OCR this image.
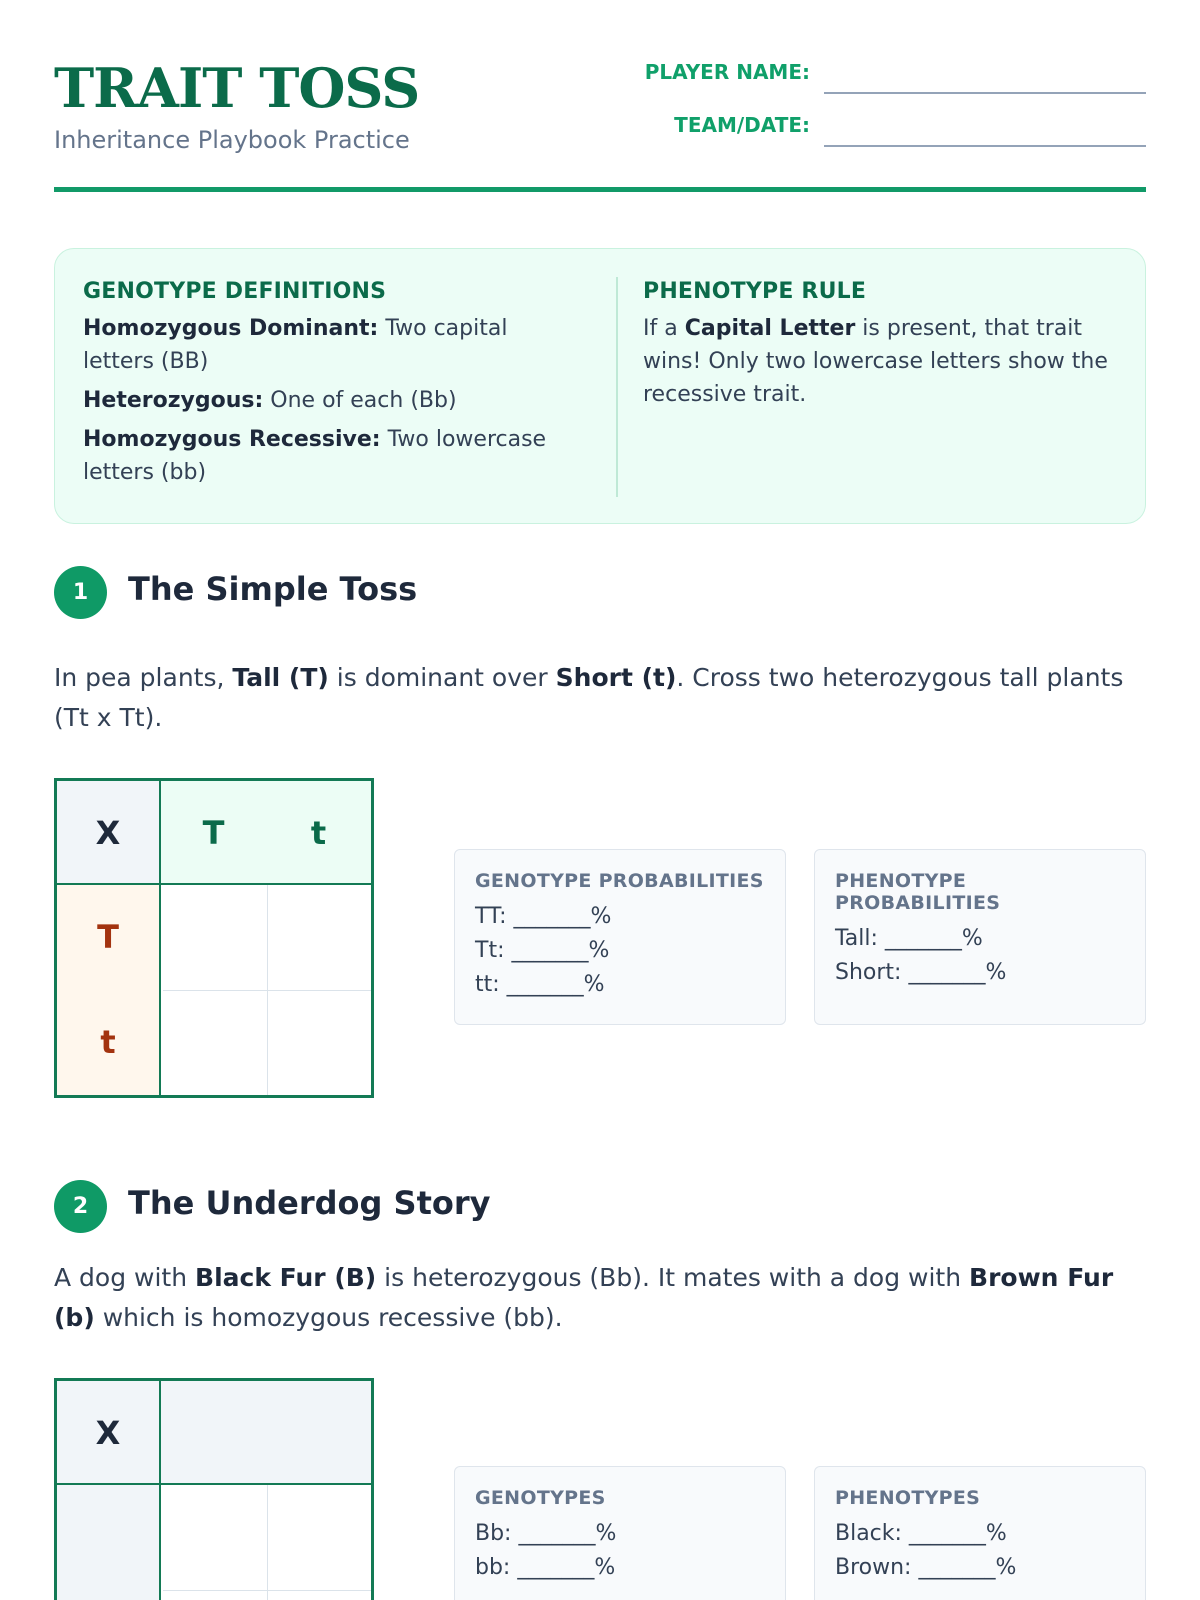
TRAIT TOSS
Inheritance Playbook Practice
PLAYER NAME:
TEAM/DATE:
GENOTYPE DEFINITIONS
Homozygous Dominant: Two capital letters (BB)
Heterozygous: One of each (Bb)
Homozygous Recessive: Two lowercase letters (bb)
PHENOTYPE RULE
If a Capital Letter is present, that trait wins! Only two lowercase letters show the recessive trait.
1	The Simple Toss
In pea plants, Tall (T) is dominant over Short (t). Cross two heterozygous tall plants (Tt x Tt).
X	T	t
T
t
GENOTYPE PROBABILITIES
TT: _______%
Tt: _______%
tt: _______%
PHENOTYPE PROBABILITIES
Tall: _______%
Short: _______%
2	The Underdog Story
A dog with Black Fur (B) is heterozygous (Bb). It mates with a dog with Brown Fur (b) which is homozygous recessive (bb).
X
GENOTYPES
Bb: _______%
bb: _______%
PHENOTYPES
Black: _______%
Brown: _______%
